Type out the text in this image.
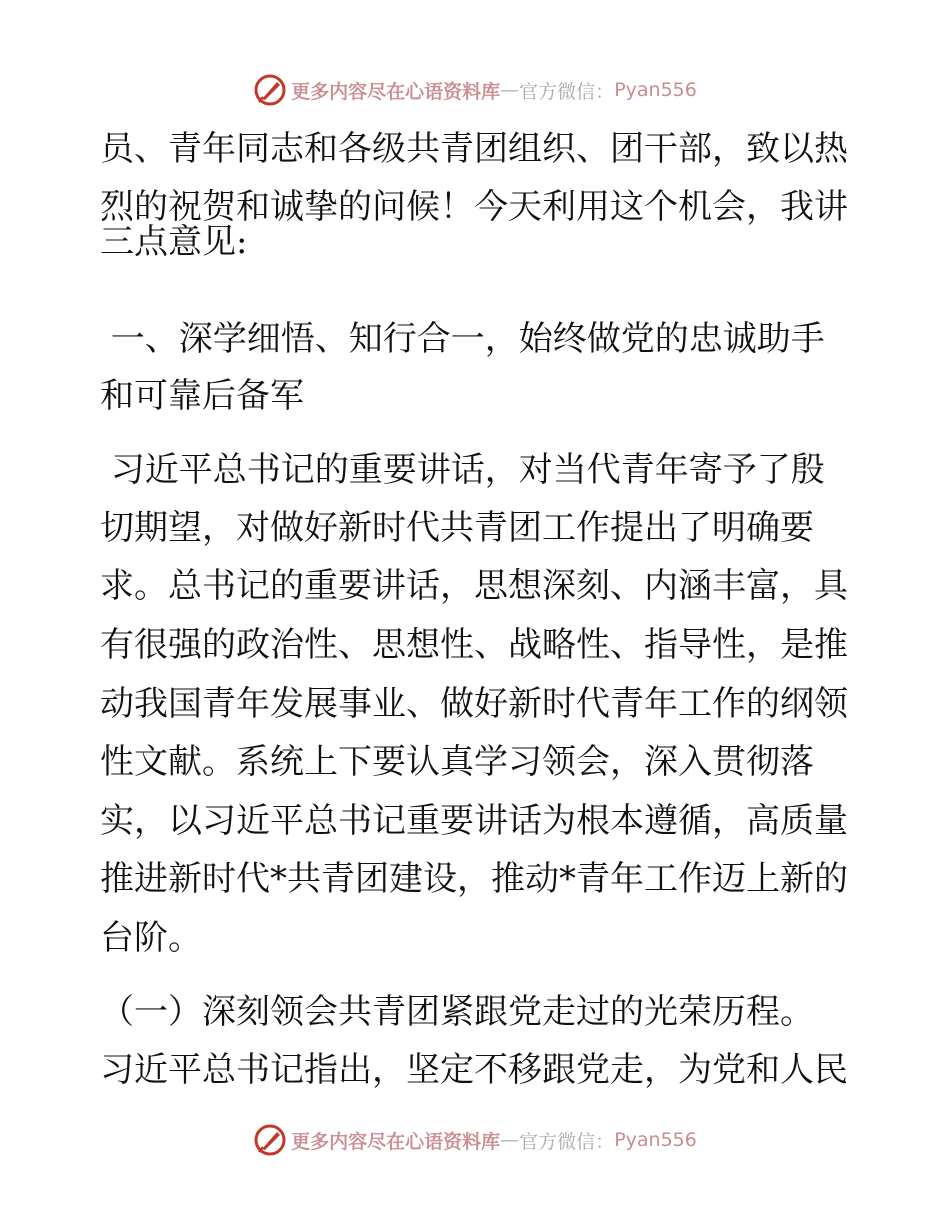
更多内容尽在心语资料库 — 官方微信： Pyan556
员、青年同志和各级共青团组织、团干部，致以热
烈的祝贺和诚挚的问候！今天利用这个机会，我讲
三点意见:
一、深学细悟、知行合一，始终做党的忠诚助手
和可靠后备军
习近平总书记的重要讲话，对当代青年寄予了殷
切期望，对做好新时代共青团工作提出了明确要
求。总书记的重要讲话，思想深刻、内涵丰富，具
有很强的政治性、思想性、战略性、指导性，是推
动我国青年发展事业、做好新时代青年工作的纲领
性文献。系统上下要认真学习领会，深入贯彻落
实，以习近平总书记重要讲话为根本遵循，高质量
推进新时代*共青团建设，推动*青年工作迈上新的
台阶。
（一）深刻领会共青团紧跟党走过的光荣历程。
习近平总书记指出，坚定不移跟党走，为党和人民
更多内容尽在心语资料库 — 官方微信： Pyan556
